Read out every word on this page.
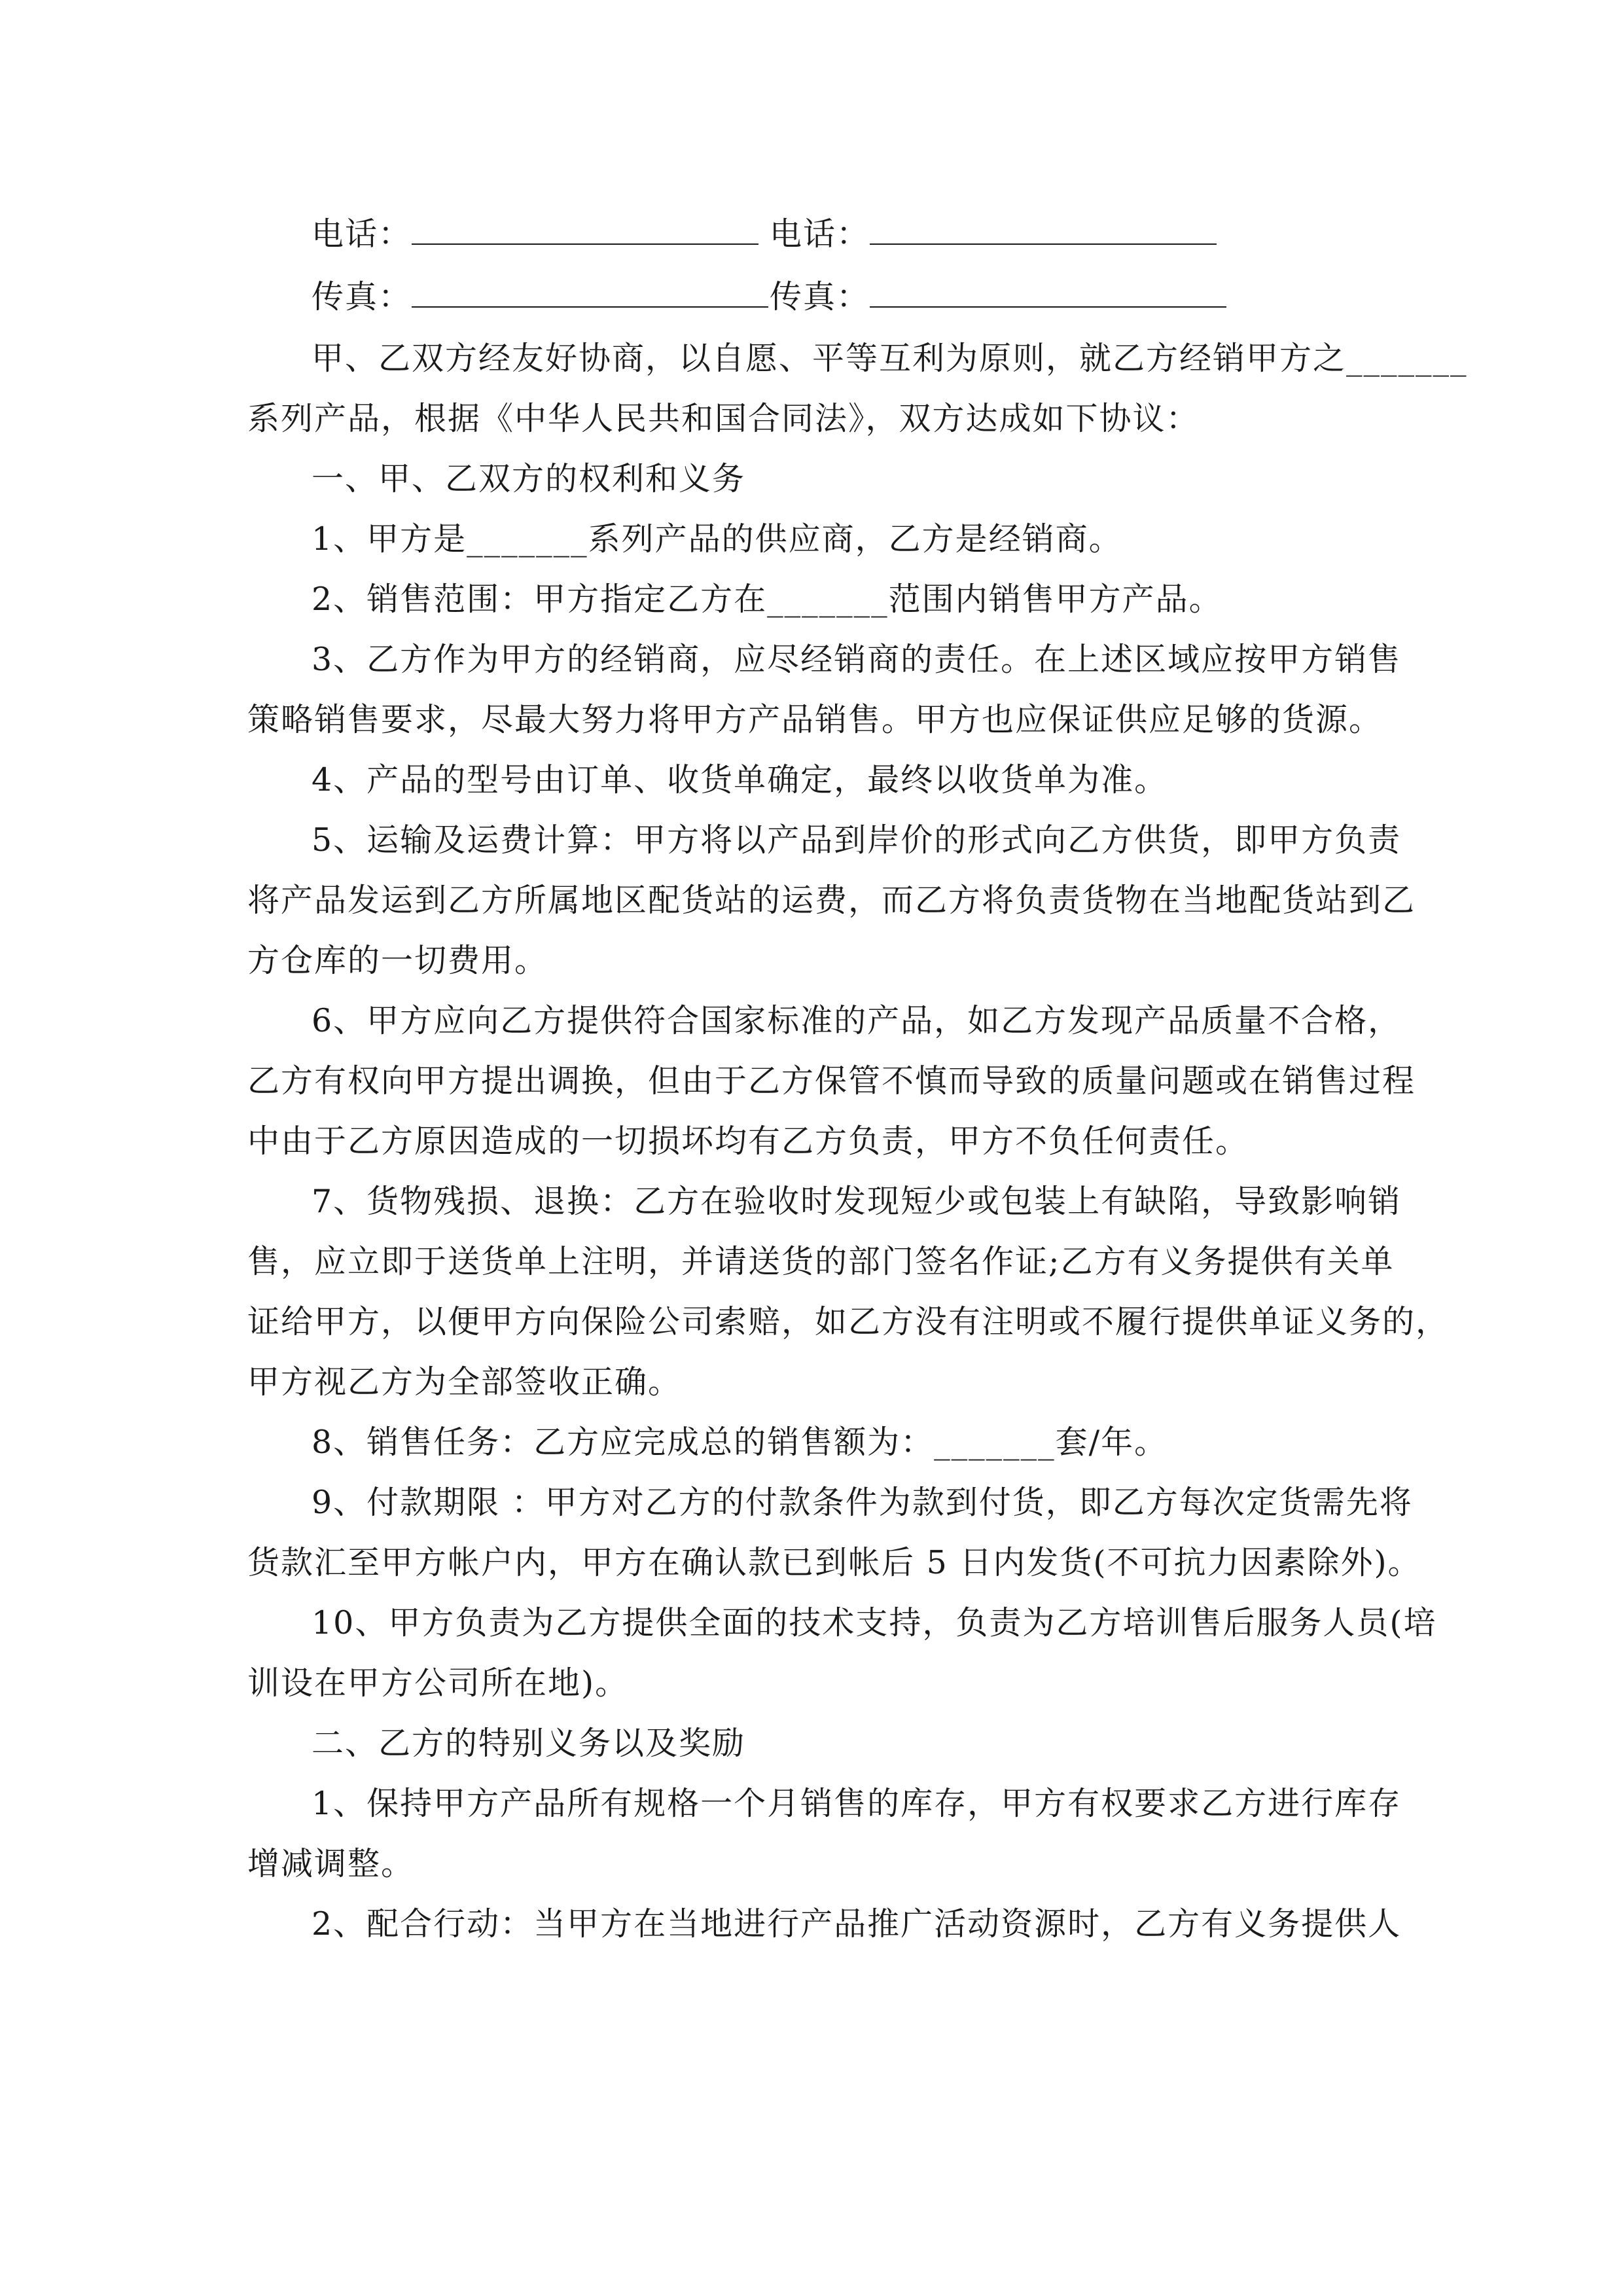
电话：	电话：
传真：	传真：
甲、乙双方经友好协商，以自愿、平等互利为原则，就乙方经销甲方之_______
系列产品，根据《中华人民共和国合同法》，双方达成如下协议：
一、甲、乙双方的权利和义务
1、甲方是_______系列产品的供应商，乙方是经销商。
2、销售范围：甲方指定乙方在_______范围内销售甲方产品。
3、乙方作为甲方的经销商，应尽经销商的责任。在上述区域应按甲方销售
策略销售要求，尽最大努力将甲方产品销售。甲方也应保证供应足够的货源。
4、产品的型号由订单、收货单确定，最终以收货单为准。
5、运输及运费计算：甲方将以产品到岸价的形式向乙方供货，即甲方负责
将产品发运到乙方所属地区配货站的运费，而乙方将负责货物在当地配货站到乙
方仓库的一切费用。
6、甲方应向乙方提供符合国家标准的产品，如乙方发现产品质量不合格，
乙方有权向甲方提出调换，但由于乙方保管不慎而导致的质量问题或在销售过程
中由于乙方原因造成的一切损坏均有乙方负责，甲方不负任何责任。
7、货物残损、退换：乙方在验收时发现短少或包装上有缺陷，导致影响销
售，应立即于送货单上注明，并请送货的部门签名作证;乙方有义务提供有关单
证给甲方，以便甲方向保险公司索赔，如乙方没有注明或不履行提供单证义务的，
甲方视乙方为全部签收正确。
8、销售任务：乙方应完成总的销售额为：_______套/年。
9、付款期限 ：甲方对乙方的付款条件为款到付货，即乙方每次定货需先将
货款汇至甲方帐户内，甲方在确认款已到帐后 5 日内发货(不可抗力因素除外)。
10、甲方负责为乙方提供全面的技术支持，负责为乙方培训售后服务人员(培
训设在甲方公司所在地)。
二、乙方的特别义务以及奖励
1、保持甲方产品所有规格一个月销售的库存，甲方有权要求乙方进行库存
增减调整。
2、配合行动：当甲方在当地进行产品推广活动资源时，乙方有义务提供人
